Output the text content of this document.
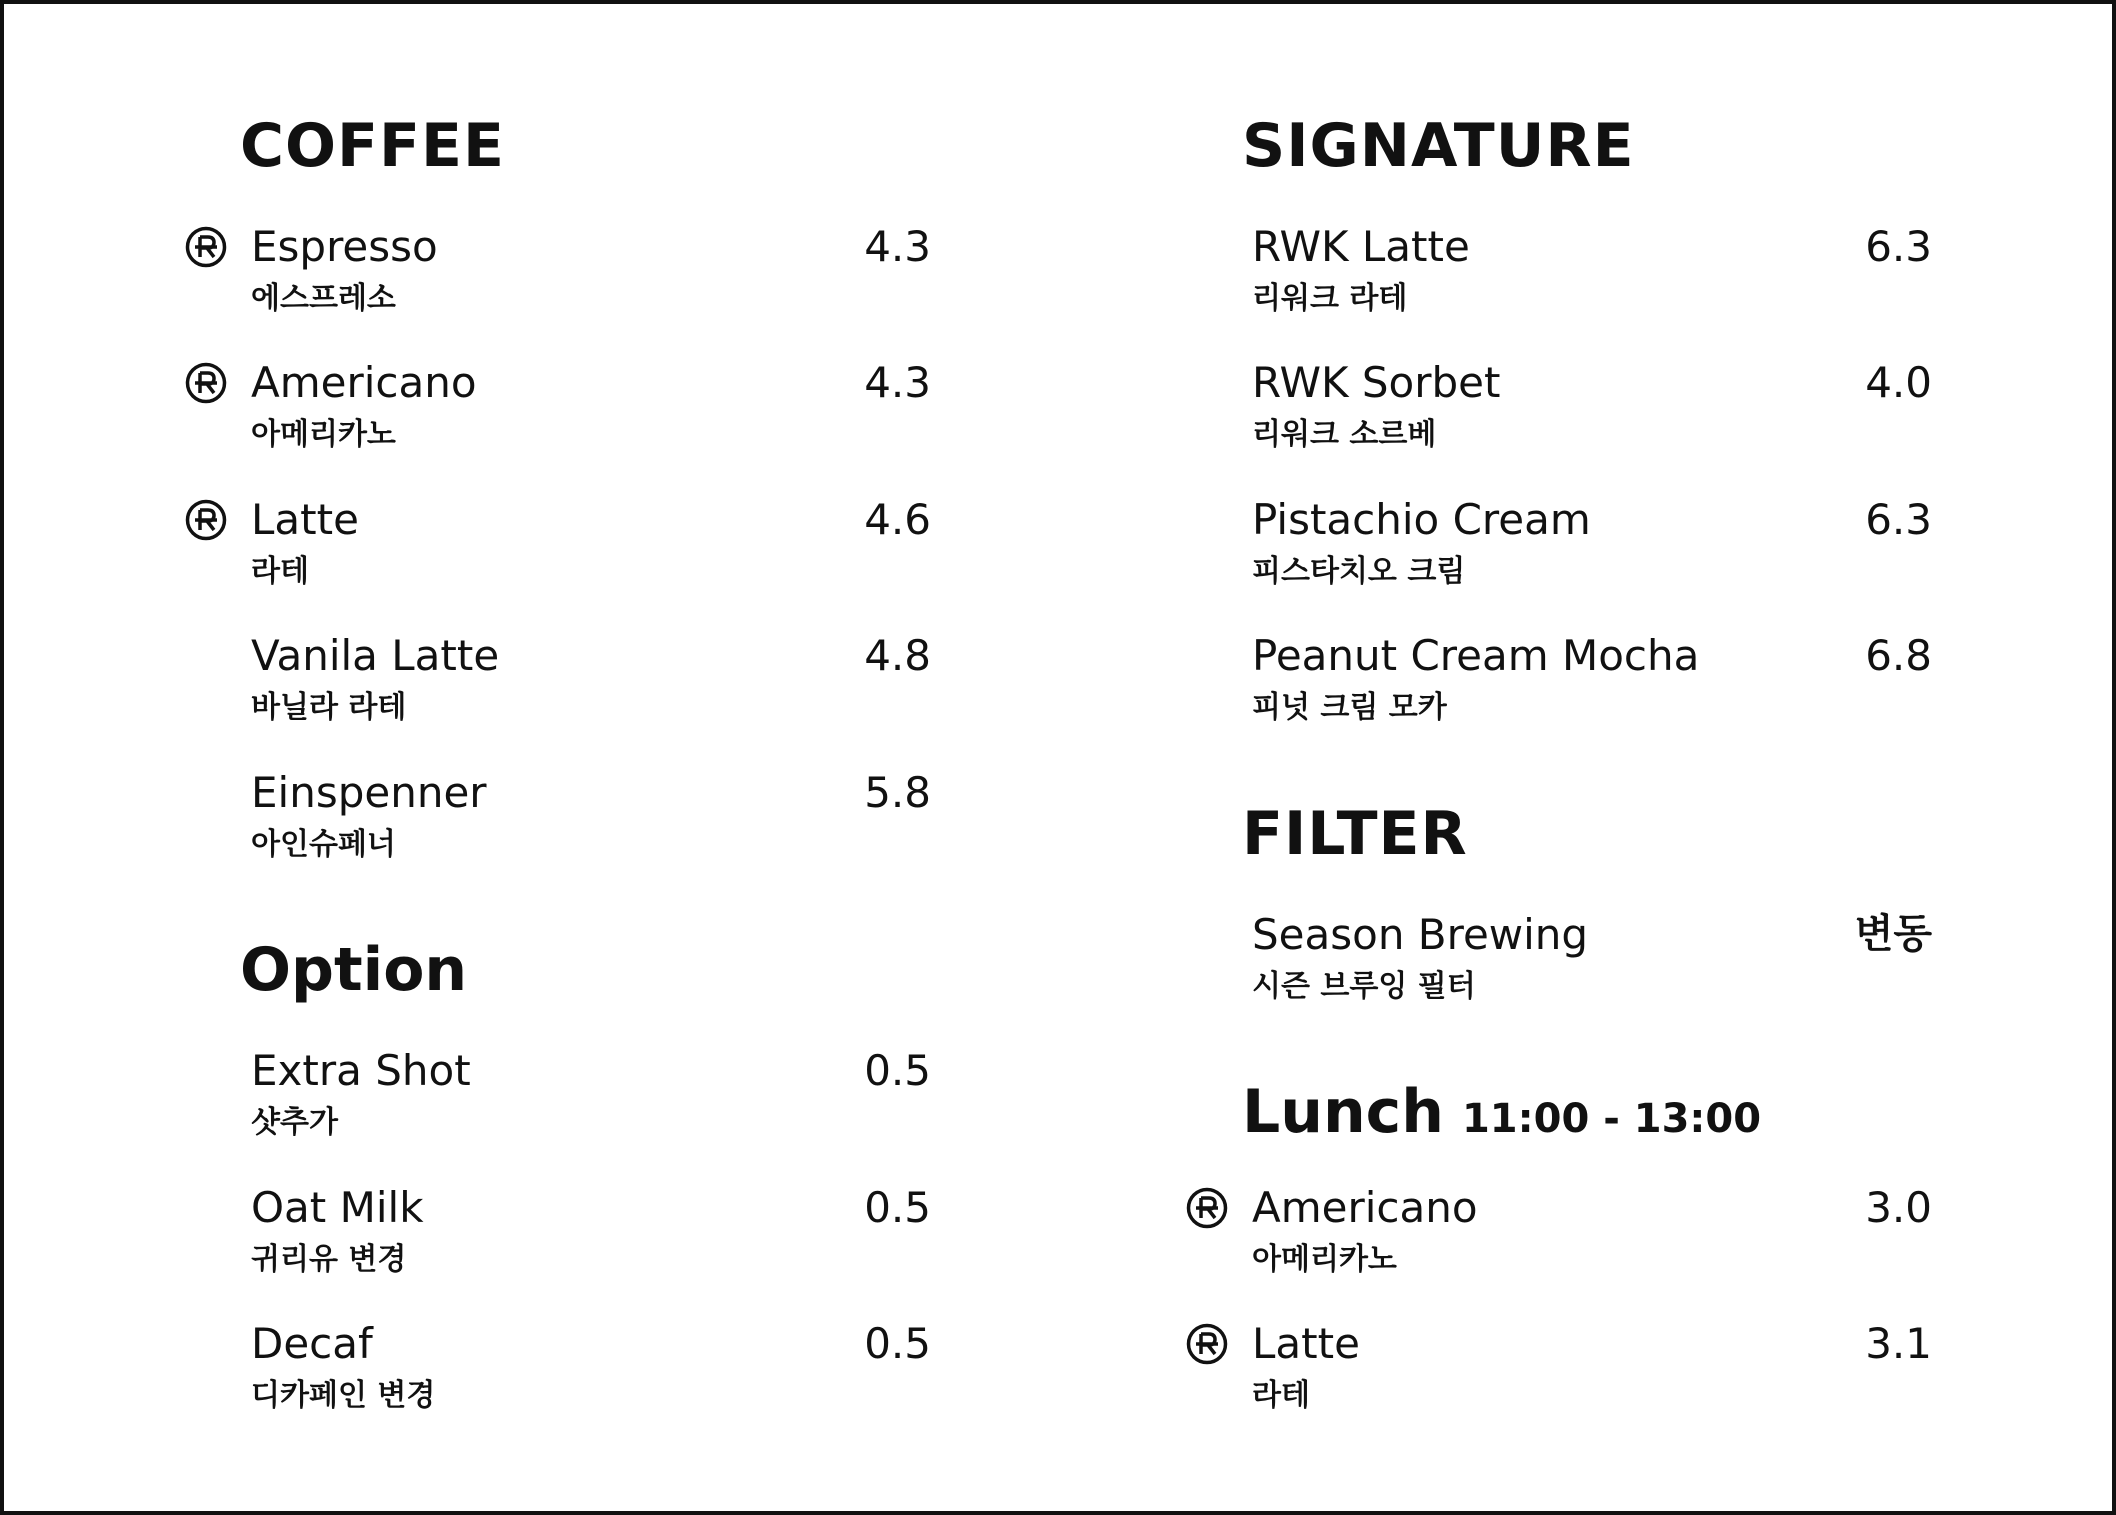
COFFEE
Espresso
에스프레소
4.3
Americano
아메리카노
4.3
Latte
라테
4.6
Vanila Latte
바닐라 라테
4.8
Einspenner
아인슈페너
5.8
Option
Extra Shot
샷추가
0.5
Oat Milk
귀리유 변경
0.5
Decaf
디카페인 변경
0.5
SIGNATURE
RWK Latte
리워크 라테
6.3
RWK Sorbet
리워크 소르베
4.0
Pistachio Cream
피스타치오 크림
6.3
Peanut Cream Mocha
피넛 크림 모카
6.8
FILTER
Season Brewing
시즌 브루잉 필터
변동
Lunch 11:00 - 13:00
Americano
아메리카노
3.0
Latte
라테
3.1
